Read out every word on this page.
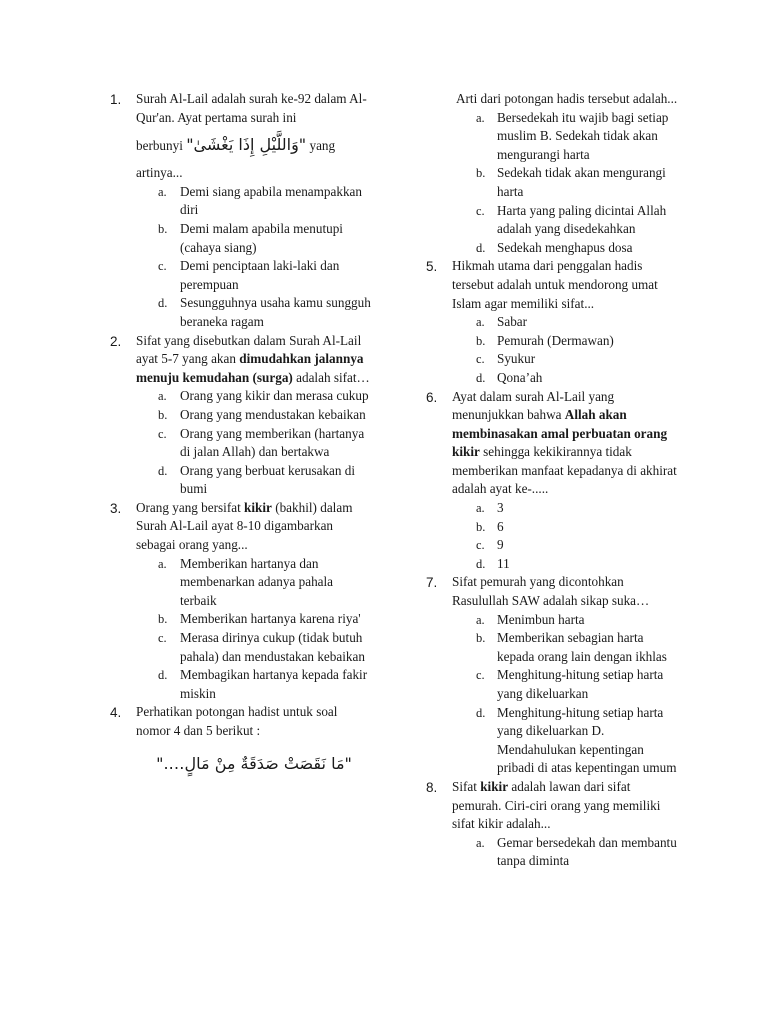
1. Surah Al-Lail adalah surah ke-92 dalam Al-Qur'an. Ayat pertama surah ini
berbunyi "وَاللَّيْلِ إِذَا يَغْشَىٰ" yang
artinya...
a. Demi siang apabila menampakkan diri
b. Demi malam apabila menutupi (cahaya siang)
c. Demi penciptaan laki-laki dan perempuan
d. Sesungguhnya usaha kamu sungguh beraneka ragam
2. Sifat yang disebutkan dalam Surah Al-Lail ayat 5-7 yang akan dimudahkan jalannya menuju kemudahan (surga) adalah sifat…
a. Orang yang kikir dan merasa cukup
b. Orang yang mendustakan kebaikan
c. Orang yang memberikan (hartanya di jalan Allah) dan bertakwa
d. Orang yang berbuat kerusakan di bumi
3. Orang yang bersifat kikir (bakhil) dalam Surah Al-Lail ayat 8-10 digambarkan sebagai orang yang...
a. Memberikan hartanya dan membenarkan adanya pahala terbaik
b. Memberikan hartanya karena riya'
c. Merasa dirinya cukup (tidak butuh pahala) dan mendustakan kebaikan
d. Membagikan hartanya kepada fakir miskin
4. Perhatikan potongan hadist untuk soal nomor 4 dan 5 berikut :
"مَا نَقَصَتْ صَدَقَةٌ مِنْ مَالٍ…."
Arti dari potongan hadis tersebut adalah...
a. Bersedekah itu wajib bagi setiap muslim B. Sedekah tidak akan mengurangi harta
b. Sedekah tidak akan mengurangi harta
c. Harta yang paling dicintai Allah adalah yang disedekahkan
d. Sedekah menghapus dosa
5. Hikmah utama dari penggalan hadis tersebut adalah untuk mendorong umat Islam agar memiliki sifat...
a. Sabar
b. Pemurah (Dermawan)
c. Syukur
d. Qona’ah
6. Ayat dalam surah Al-Lail yang menunjukkan bahwa Allah akan membinasakan amal perbuatan orang kikir sehingga kekikirannya tidak memberikan manfaat kepadanya di akhirat adalah ayat ke-.....
a. 3
b. 6
c. 9
d. 11
7. Sifat pemurah yang dicontohkan Rasulullah SAW adalah sikap suka…
a. Menimbun harta
b. Memberikan sebagian harta kepada orang lain dengan ikhlas
c. Menghitung-hitung setiap harta yang dikeluarkan
d. Menghitung-hitung setiap harta yang dikeluarkan D. Mendahulukan kepentingan pribadi di atas kepentingan umum
8. Sifat kikir adalah lawan dari sifat pemurah. Ciri-ciri orang yang memiliki sifat kikir adalah...
a. Gemar bersedekah dan membantu tanpa diminta
